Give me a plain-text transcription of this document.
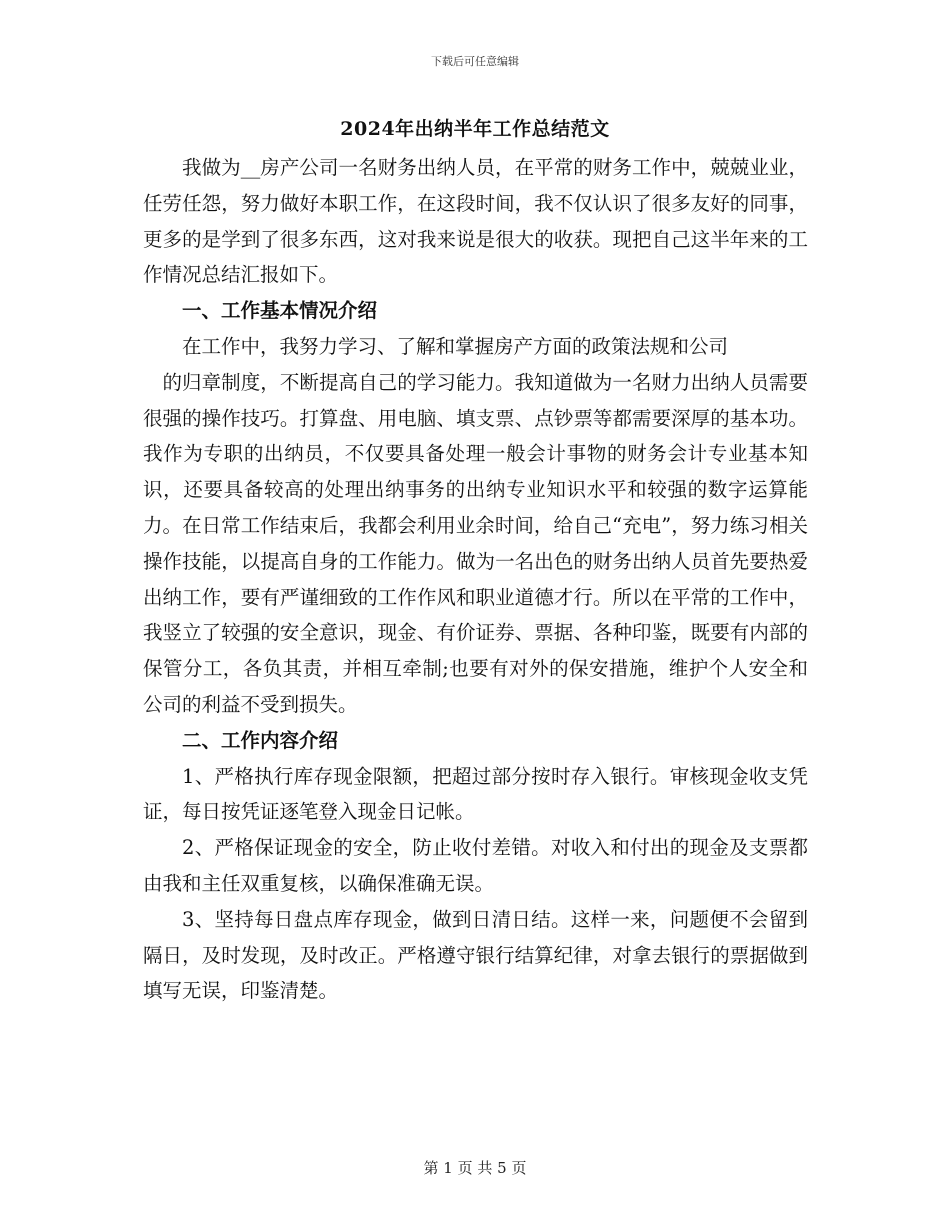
下载后可任意编辑
2024年出纳半年工作总结范文

我做为__房产公司一名财务出纳人员，在平常的财务工作中，兢兢业业，任劳任怨，努力做好本职工作，在这段时间，我不仅认识了很多友好的同事，更多的是学到了很多东西，这对我来说是很大的收获。现把自己这半年来的工作情况总结汇报如下。

一、工作基本情况介绍

在工作中，我努力学习、了解和掌握房产方面的政策法规和公司

的归章制度，不断提高自己的学习能力。我知道做为一名财力出纳人员需要很强的操作技巧。打算盘、用电脑、填支票、点钞票等都需要深厚的基本功。我作为专职的出纳员，不仅要具备处理一般会计事物的财务会计专业基本知识，还要具备较高的处理出纳事务的出纳专业知识水平和较强的数字运算能力。在日常工作结束后，我都会利用业余时间，给自己“充电”，努力练习相关操作技能，以提高自身的工作能力。做为一名出色的财务出纳人员首先要热爱出纳工作，要有严谨细致的工作作风和职业道德才行。所以在平常的工作中，我竖立了较强的安全意识，现金、有价证券、票据、各种印鉴，既要有内部的保管分工，各负其责，并相互牵制;也要有对外的保安措施，维护个人安全和公司的利益不受到损失。

二、工作内容介绍

1、严格执行库存现金限额，把超过部分按时存入银行。审核现金收支凭证，每日按凭证逐笔登入现金日记帐。

2、严格保证现金的安全，防止收付差错。对收入和付出的现金及支票都由我和主任双重复核，以确保准确无误。

3、坚持每日盘点库存现金，做到日清日结。这样一来，问题便不会留到隔日，及时发现，及时改正。严格遵守银行结算纪律，对拿去银行的票据做到填写无误，印鉴清楚。

第 1 页 共 5 页
